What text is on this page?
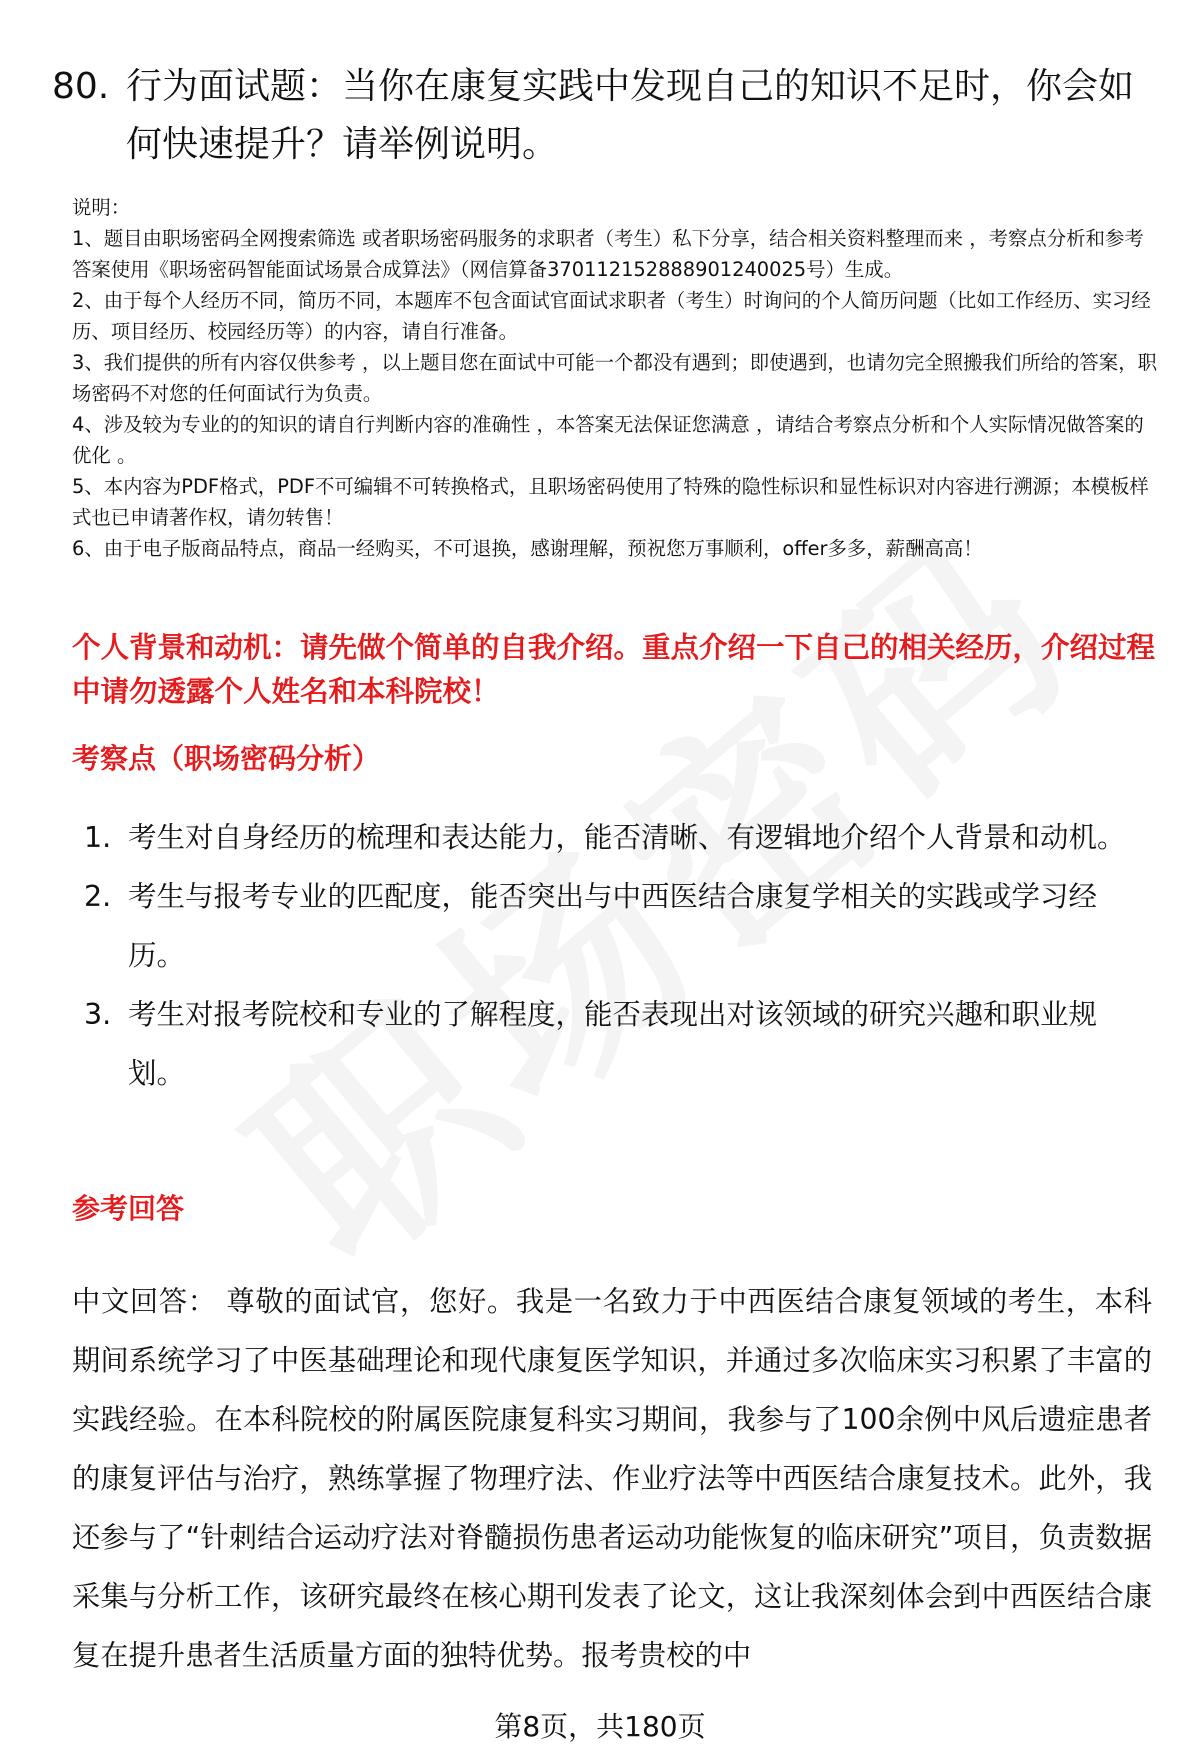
80. 行为面试题：当你在康复实践中发现自己的知识不足时，你会如何快速提升？请举例说明。
说明：
1、题目由职场密码全网搜索筛选 或者职场密码服务的求职者（考生）私下分享，结合相关资料整理而来 ，考察点分析和参考答案使用《职场密码智能面试场景合成算法》（网信算备370112152888901240025号）生成。
2、由于每个人经历不同，简历不同，本题库不包含面试官面试求职者（考生）时询问的个人简历问题（比如工作经历、实习经历、项目经历、校园经历等）的内容，请自行准备。
3、我们提供的所有内容仅供参考 ，以上题目您在面试中可能一个都没有遇到；即使遇到，也请勿完全照搬我们所给的答案，职场密码不对您的任何面试行为负责。
4、涉及较为专业的的知识的请自行判断内容的准确性 ，本答案无法保证您满意 ，请结合考察点分析和个人实际情况做答案的优化 。
5、本内容为PDF格式，PDF不可编辑不可转换格式，且职场密码使用了特殊的隐性标识和显性标识对内容进行溯源；本模板样式也已申请著作权，请勿转售！
6、由于电子版商品特点，商品一经购买，不可退换，感谢理解，预祝您万事顺利，offer多多，薪酬高高！
个人背景和动机：请先做个简单的自我介绍。重点介绍一下自己的相关经历，介绍过程中请勿透露个人姓名和本科院校！
考察点（职场密码分析）
1. 考生对自身经历的梳理和表达能力，能否清晰、有逻辑地介绍个人背景和动机。
2. 考生与报考专业的匹配度，能否突出与中西医结合康复学相关的实践或学习经历。
3. 考生对报考院校和专业的了解程度，能否表现出对该领域的研究兴趣和职业规划。
参考回答
中文回答： 尊敬的面试官，您好。我是一名致力于中西医结合康复领域的考生，本科期间系统学习了中医基础理论和现代康复医学知识，并通过多次临床实习积累了丰富的实践经验。在本科院校的附属医院康复科实习期间，我参与了100余例中风后遗症患者的康复评估与治疗，熟练掌握了物理疗法、作业疗法等中西医结合康复技术。此外，我还参与了“针刺结合运动疗法对脊髓损伤患者运动功能恢复的临床研究”项目，负责数据采集与分析工作，该研究最终在核心期刊发表了论文，这让我深刻体会到中西医结合康复在提升患者生活质量方面的独特优势。报考贵校的中
第8页，共180页
